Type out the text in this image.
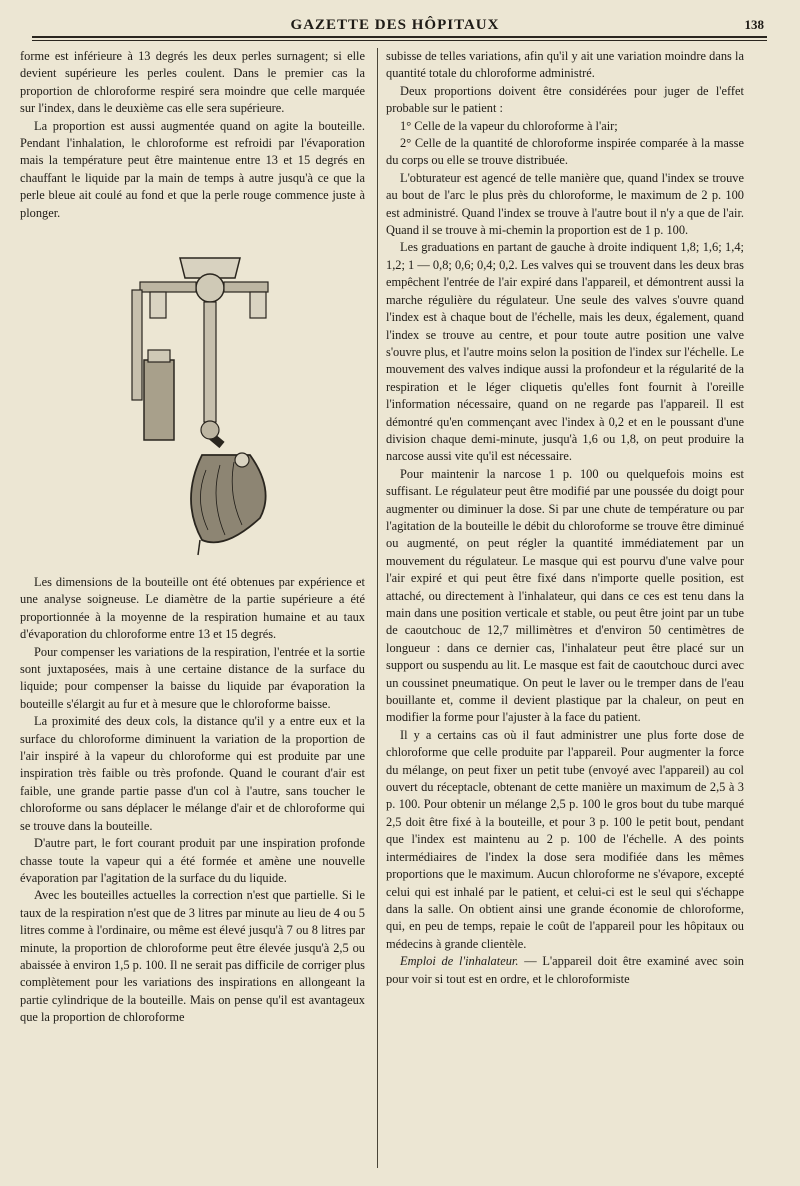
GAZETTE DES HÔPITAUX	138

forme est inférieure à 13 degrés les deux perles surnagent; si elle devient supérieure les perles coulent. Dans le premier cas la proportion de chloroforme respiré sera moindre que celle marquée sur l'index, dans le deuxième cas elle sera supérieure.

La proportion est aussi augmentée quand on agite la bouteille. Pendant l'inhalation, le chloroforme est refroidi par l'évaporation mais la température peut être maintenue entre 13 et 15 degrés en chauffant le liquide par la main de temps à autre jusqu'à ce que la perle bleue ait coulé au fond et que la perle rouge commence juste à plonger.

Les dimensions de la bouteille ont été obtenues par expérience et une analyse soigneuse. Le diamètre de la partie supérieure a été proportionnée à la moyenne de la respiration humaine et au taux d'évaporation du chloroforme entre 13 et 15 degrés.

Pour compenser les variations de la respiration, l'entrée et la sortie sont juxtaposées, mais à une certaine distance de la surface du liquide; pour compenser la baisse du liquide par évaporation la bouteille s'élargit au fur et à mesure que le chloroforme baisse.

La proximité des deux cols, la distance qu'il y a entre eux et la surface du chloroforme diminuent la variation de la proportion de l'air inspiré à la vapeur du chloroforme qui est produite par une inspiration très faible ou très profonde. Quand le courant d'air est faible, une grande partie passe d'un col à l'autre, sans toucher le chloroforme ou sans déplacer le mélange d'air et de chloroforme qui se trouve dans la bouteille.

D'autre part, le fort courant produit par une inspiration profonde chasse toute la vapeur qui a été formée et amène une nouvelle évaporation par l'agitation de la surface du du liquide.

Avec les bouteilles actuelles la correction n'est que partielle. Si le taux de la respiration n'est que de 3 litres par minute au lieu de 4 ou 5 litres comme à l'ordinaire, ou même est élevé jusqu'à 7 ou 8 litres par minute, la proportion de chloroforme peut être élevée jusqu'à 2,5 ou abaissée à environ 1,5 p. 100. Il ne serait pas difficile de corriger plus complètement pour les variations des inspirations en allongeant la partie cylindrique de la bouteille. Mais on pense qu'il est avantageux que la proportion de chloroforme

subisse de telles variations, afin qu'il y ait une variation moindre dans la quantité totale du chloroforme administré.

Deux proportions doivent être considérées pour juger de l'effet probable sur le patient :

1° Celle de la vapeur du chloroforme à l'air;

2° Celle de la quantité de chloroforme inspirée comparée à la masse du corps ou elle se trouve distribuée.

L'obturateur est agencé de telle manière que, quand l'index se trouve au bout de l'arc le plus près du chloroforme, le maximum de 2 p. 100 est administré. Quand l'index se trouve à l'autre bout il n'y a que de l'air. Quand il se trouve à mi-chemin la proportion est de 1 p. 100.

Les graduations en partant de gauche à droite indiquent 1,8; 1,6; 1,4; 1,2; 1 — 0,8; 0,6; 0,4; 0,2. Les valves qui se trouvent dans les deux bras empêchent l'entrée de l'air expiré dans l'appareil, et démontrent aussi la marche régulière du régulateur. Une seule des valves s'ouvre quand l'index est à chaque bout de l'échelle, mais les deux, également, quand l'index se trouve au centre, et pour toute autre position une valve s'ouvre plus, et l'autre moins selon la position de l'index sur l'échelle. Le mouvement des valves indique aussi la profondeur et la régularité de la respiration et le léger cliquetis qu'elles font fournit à l'oreille l'information nécessaire, quand on ne regarde pas l'appareil. Il est démontré qu'en commençant avec l'index à 0,2 et en le poussant d'une division chaque demi-minute, jusqu'à 1,6 ou 1,8, on peut produire la narcose aussi vite qu'il est nécessaire.

Pour maintenir la narcose 1 p. 100 ou quelquefois moins est suffisant. Le régulateur peut être modifié par une poussée du doigt pour augmenter ou diminuer la dose. Si par une chute de température ou par l'agitation de la bouteille le débit du chloroforme se trouve être diminué ou augmenté, on peut régler la quantité immédiatement par un mouvement du régulateur. Le masque qui est pourvu d'une valve pour l'air expiré et qui peut être fixé dans n'importe quelle position, est attaché, ou directement à l'inhalateur, qui dans ce ces est tenu dans la main dans une position verticale et stable, ou peut être joint par un tube de caoutchouc de 12,7 millimètres et d'environ 50 centimètres de longueur : dans ce dernier cas, l'inhalateur peut être placé sur un support ou suspendu au lit. Le masque est fait de caoutchouc durci avec un coussinet pneumatique. On peut le laver ou le tremper dans de l'eau bouillante et, comme il devient plastique par la chaleur, on peut en modifier la forme pour l'ajuster à la face du patient.

Il y a certains cas où il faut administrer une plus forte dose de chloroforme que celle produite par l'appareil. Pour augmenter la force du mélange, on peut fixer un petit tube (envoyé avec l'appareil) au col ouvert du réceptacle, obtenant de cette manière un maximum de 2,5 à 3 p. 100. Pour obtenir un mélange 2,5 p. 100 le gros bout du tube marqué 2,5 doit être fixé à la bouteille, et pour 3 p. 100 le petit bout, pendant que l'index est maintenu au 2 p. 100 de l'échelle. A des points intermédiaires de l'index la dose sera modifiée dans les mêmes proportions que le maximum. Aucun chloroforme ne s'évapore, excepté celui qui est inhalé par le patient, et celui-ci est le seul qui s'échappe dans la salle. On obtient ainsi une grande économie de chloroforme, qui, en peu de temps, repaie le coût de l'appareil pour les hôpitaux ou médecins à grande clientèle.

Emploi de l'inhalateur. — L'appareil doit être examiné avec soin pour voir si tout est en ordre, et le chloroformiste
